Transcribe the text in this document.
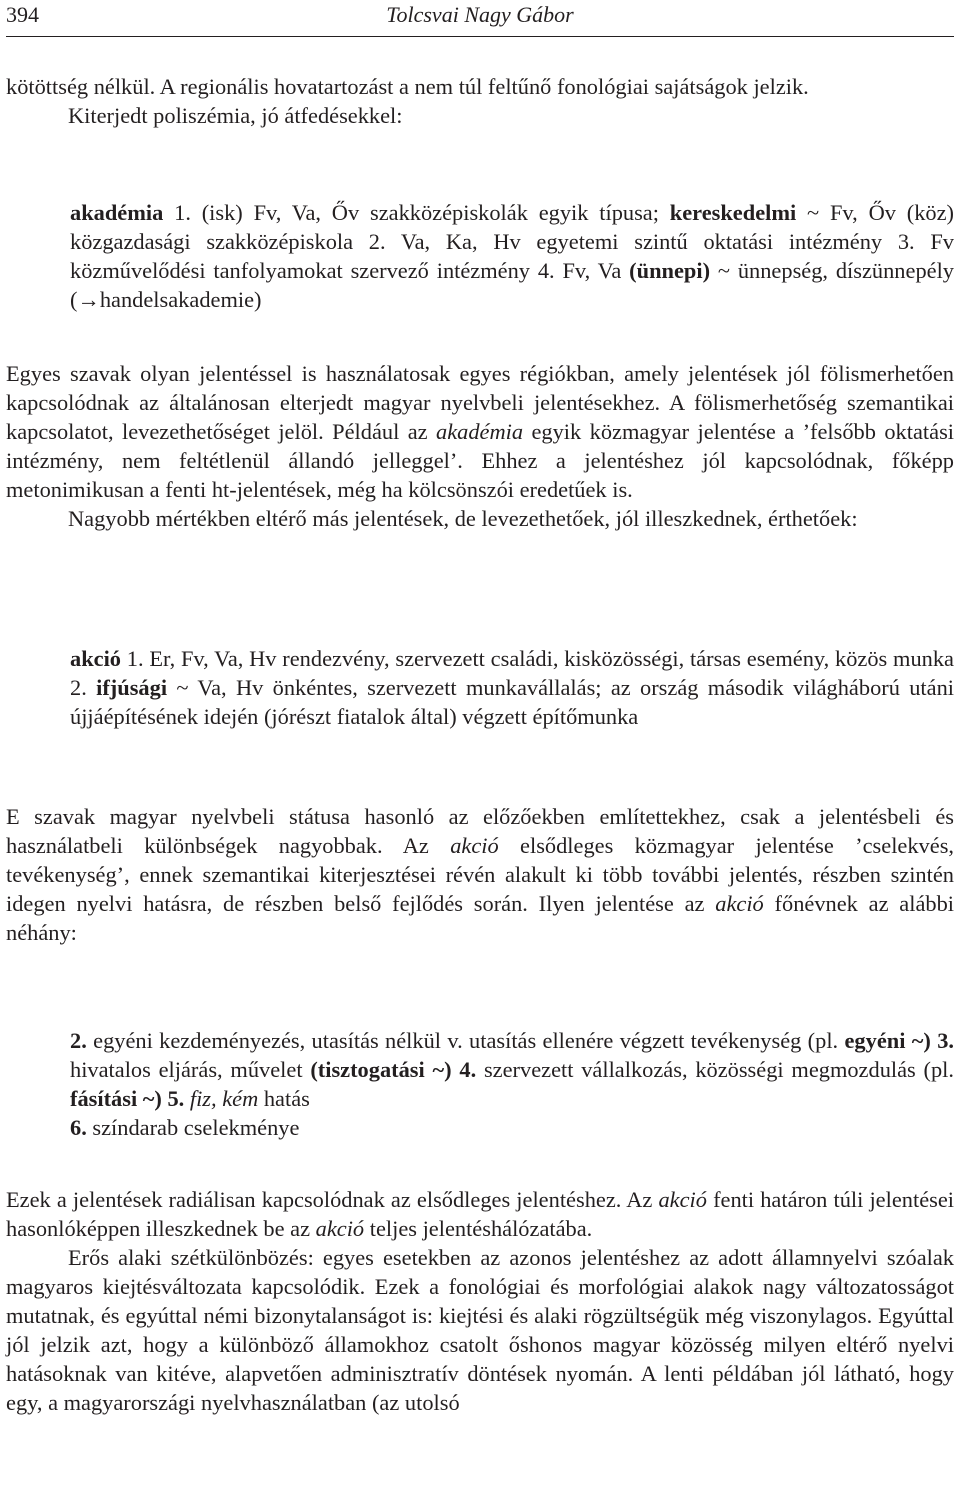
394	Tolcsvai Nagy Gábor

kötöttség nélkül. A regionális hovatartozást a nem túl feltűnő fonológiai sajátságok jelzik.

Kiterjedt poliszémia, jó átfedésekkel:

akadémia 1. (isk) Fv, Va, Őv szakközépiskolák egyik típusa; kereskedelmi ~ Fv, Őv (köz) közgazdasági szakközépiskola 2. Va, Ka, Hv egyetemi szintű oktatási intézmény 3. Fv közművelődési tanfolyamokat szervező intézmény 4. Fv, Va (ünnepi) ~ ünnepség, díszünnepély (→handelsakademie)

Egyes szavak olyan jelentéssel is használatosak egyes régiókban, amely jelentések jól fölismerhetően kapcsolódnak az általánosan elterjedt magyar nyelvbeli jelentésekhez. A fölismerhetőség szemantikai kapcsolatot, levezethetőséget jelöl. Például az akadémia egyik közmagyar jelentése a ’felsőbb oktatási intézmény, nem feltétlenül állandó jelleggel’. Ehhez a jelentéshez jól kapcsolódnak, főképp metonimikusan a fenti ht-jelentések, még ha kölcsönszói eredetűek is.

Nagyobb mértékben eltérő más jelentések, de levezethetőek, jól illeszkednek, érthetőek:

akció 1. Er, Fv, Va, Hv rendezvény, szervezett családi, kisközösségi, társas esemény, közös munka 2. ifjúsági ~ Va, Hv önkéntes, szervezett munkavállalás; az ország második világháború utáni újjáépítésének idején (jórészt fiatalok által) végzett építőmunka

E szavak magyar nyelvbeli státusa hasonló az előzőekben említettekhez, csak a jelentésbeli és használatbeli különbségek nagyobbak. Az akció elsődleges közmagyar jelentése ’cselekvés, tevékenység’, ennek szemantikai kiterjesztései révén alakult ki több további jelentés, részben szintén idegen nyelvi hatásra, de részben belső fejlődés során. Ilyen jelentése az akció főnévnek az alábbi néhány:

2. egyéni kezdeményezés, utasítás nélkül v. utasítás ellenére végzett tevékenység (pl. egyéni ~) 3. hivatalos eljárás, művelet (tisztogatási ~) 4. szervezett vállalkozás, közösségi megmozdulás (pl. fásítási ~) 5. fiz, kém hatás
6. színdarab cselekménye

Ezek a jelentések radiálisan kapcsolódnak az elsődleges jelentéshez. Az akció fenti határon túli jelentései hasonlóképpen illeszkednek be az akció teljes jelentéshálózatába.

Erős alaki szétkülönbözés: egyes esetekben az azonos jelentéshez az adott államnyelvi szóalak magyaros kiejtésváltozata kapcsolódik. Ezek a fonológiai és morfológiai alakok nagy változatosságot mutatnak, és egyúttal némi bizonytalanságot is: kiejtési és alaki rögzültségük még viszonylagos. Egyúttal jól jelzik azt, hogy a különböző államokhoz csatolt őshonos magyar közösség milyen eltérő nyelvi hatásoknak van kitéve, alapvetően adminisztratív döntések nyomán. A lenti példában jól látható, hogy egy, a magyarországi nyelvhasználatban (az utolsó
